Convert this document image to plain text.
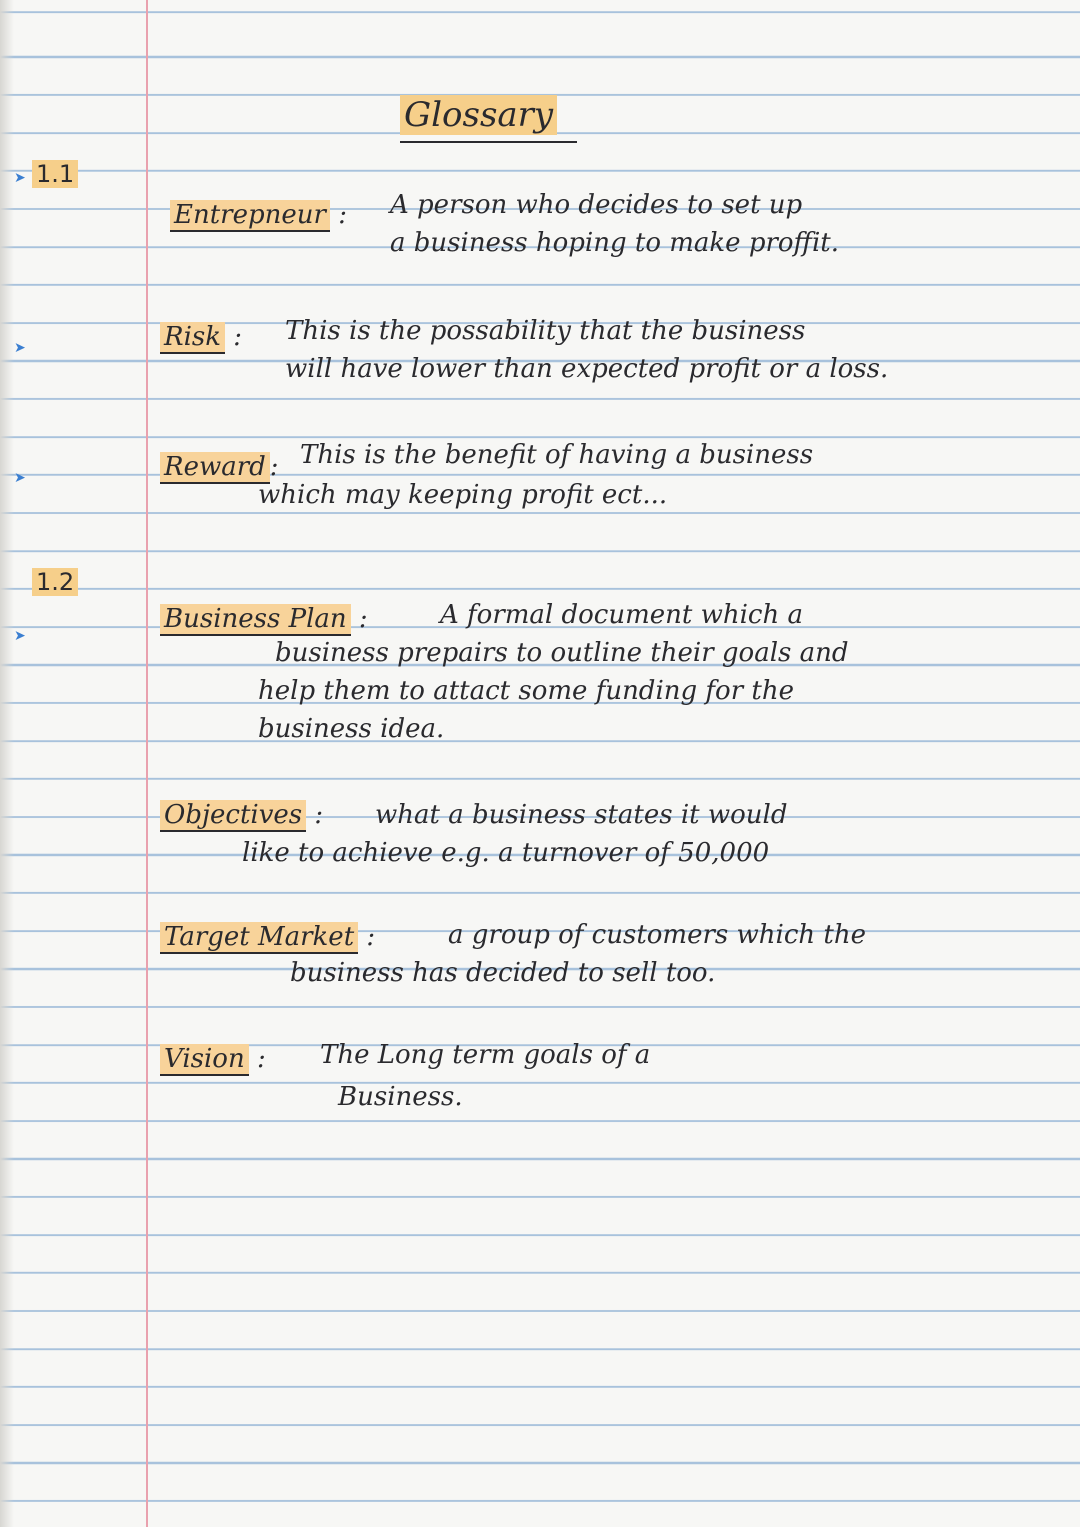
➤
➤
➤
➤
Glossary
1.1
1.2
Entrepneur : A person who decides to set up
a business hoping to make proffit.
Risk : This is the possability that the business
will have lower than expected profit or a loss.
Reward : This is the benefit of having a business
which may keeping profit ect...
Business Plan :	A formal document which a
business prepairs to outline their goals and
help them to attact some funding for the
business idea.
Objectives : what a business states it would
like to achieve e.g. a turnover of 50,000
Target Market :	a group of customers which the
business has decided to sell too.
Vision : The Long term goals of a
Business.
